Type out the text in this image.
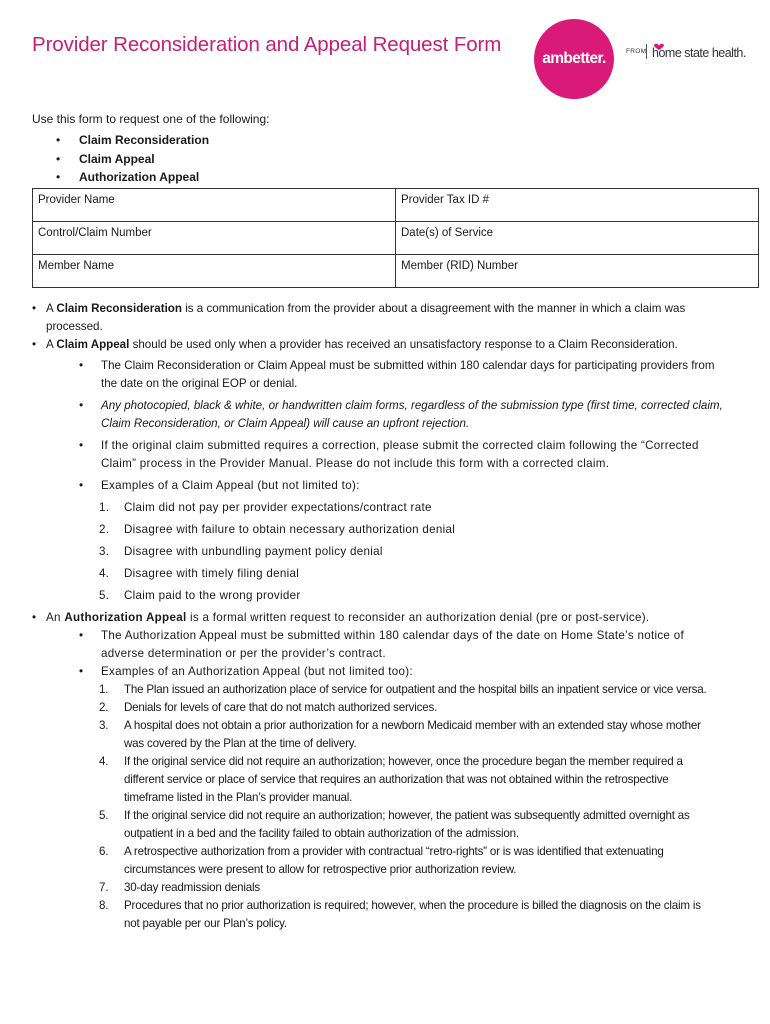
Provider Reconsideration and Appeal Request Form
ambetter.	FROM home state health.
Use this form to request one of the following:
• Claim Reconsideration
• Claim Appeal
• Authorization Appeal
Provider Name	Provider Tax ID #
Control/Claim Number	Date(s) of Service
Member Name	Member (RID) Number
• A Claim Reconsideration is a communication from the provider about a disagreement with the manner in which a claim was
processed.
• A Claim Appeal should be used only when a provider has received an unsatisfactory response to a Claim Reconsideration.
• The Claim Reconsideration or Claim Appeal must be submitted within 180 calendar days for participating providers from
the date on the original EOP or denial.
• Any photocopied, black & white, or handwritten claim forms, regardless of the submission type (first time, corrected claim,
Claim Reconsideration, or Claim Appeal) will cause an upfront rejection.
• If the original claim submitted requires a correction, please submit the corrected claim following the “Corrected
Claim” process in the Provider Manual. Please do not include this form with a corrected claim.
• Examples of a Claim Appeal (but not limited to):
1. Claim did not pay per provider expectations/contract rate
2. Disagree with failure to obtain necessary authorization denial
3. Disagree with unbundling payment policy denial
4. Disagree with timely filing denial
5. Claim paid to the wrong provider
• An Authorization Appeal is a formal written request to reconsider an authorization denial (pre or post-service).
• The Authorization Appeal must be submitted within 180 calendar days of the date on Home State’s notice of
adverse determination or per the provider’s contract.
• Examples of an Authorization Appeal (but not limited too):
1. The Plan issued an authorization place of service for outpatient and the hospital bills an inpatient service or vice versa.
2. Denials for levels of care that do not match authorized services.
3. A hospital does not obtain a prior authorization for a newborn Medicaid member with an extended stay whose mother
was covered by the Plan at the time of delivery.
4. If the original service did not require an authorization; however, once the procedure began the member required a
different service or place of service that requires an authorization that was not obtained within the retrospective
timeframe listed in the Plan’s provider manual.
5. If the original service did not require an authorization; however, the patient was subsequently admitted overnight as
outpatient in a bed and the facility failed to obtain authorization of the admission.
6. A retrospective authorization from a provider with contractual “retro-rights” or is was identified that extenuating
circumstances were present to allow for retrospective prior authorization review.
7. 30-day readmission denials
8. Procedures that no prior authorization is required; however, when the procedure is billed the diagnosis on the claim is
not payable per our Plan’s policy.
